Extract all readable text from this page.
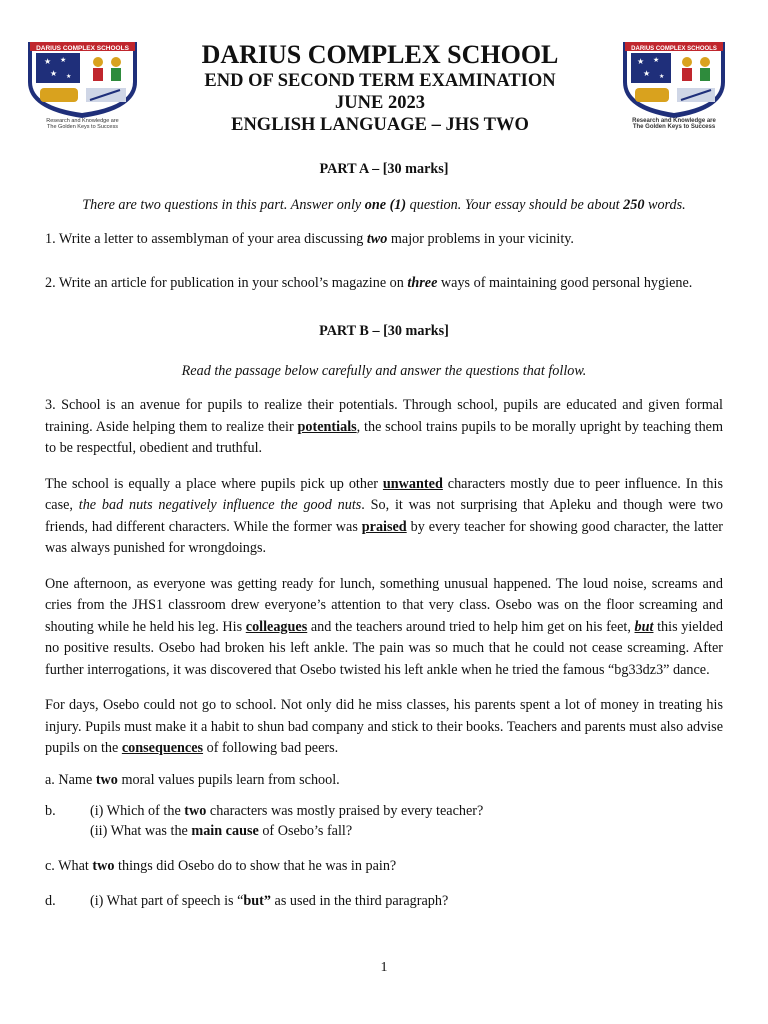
★ ★
★ ★
DARIUS COMPLEX SCHOOLS
Research and Knowledge are
The Golden Keys to Success
DARIUS COMPLEX SCHOOL
END OF SECOND TERM EXAMINATION
JUNE 2023
ENGLISH LANGUAGE – JHS TWO
★ ★
★ ★
DARIUS COMPLEX SCHOOLS
Research and Knowledge are
The Golden Keys to Success

PART A – [30 marks]

There are two questions in this part. Answer only one (1) question. Your essay should be about 250 words.

1. Write a letter to assemblyman of your area discussing two major problems in your vicinity.

2. Write an article for publication in your school’s magazine on three ways of maintaining good personal hygiene.

PART B – [30 marks]

Read the passage below carefully and answer the questions that follow.

3. School is an avenue for pupils to realize their potentials. Through school, pupils are educated and given formal training. Aside helping them to realize their potentials, the school trains pupils to be morally upright by teaching them to be respectful, obedient and truthful.

The school is equally a place where pupils pick up other unwanted characters mostly due to peer influence. In this case, the bad nuts negatively influence the good nuts. So, it was not surprising that Apleku and though were two friends, had different characters. While the former was praised by every teacher for showing good character, the latter was always punished for wrongdoings.

One afternoon, as everyone was getting ready for lunch, something unusual happened. The loud noise, screams and cries from the JHS1 classroom drew everyone’s attention to that very class. Osebo was on the floor screaming and shouting while he held his leg. His colleagues and the teachers around tried to help him get on his feet, but this yielded no positive results. Osebo had broken his left ankle. The pain was so much that he could not cease screaming. After further interrogations, it was discovered that Osebo twisted his left ankle when he tried the famous “bg33dz3” dance.

For days, Osebo could not go to school. Not only did he miss classes, his parents spent a lot of money in treating his injury. Pupils must make it a habit to shun bad company and stick to their books. Teachers and parents must also advise pupils on the consequences of following bad peers.

a. Name two moral values pupils learn from school.

b. (i) Which of the two characters was mostly praised by every teacher?

(ii) What was the main cause of Osebo’s fall?

c. What two things did Osebo do to show that he was in pain?

d. (i) What part of speech is “but” as used in the third paragraph?

1
